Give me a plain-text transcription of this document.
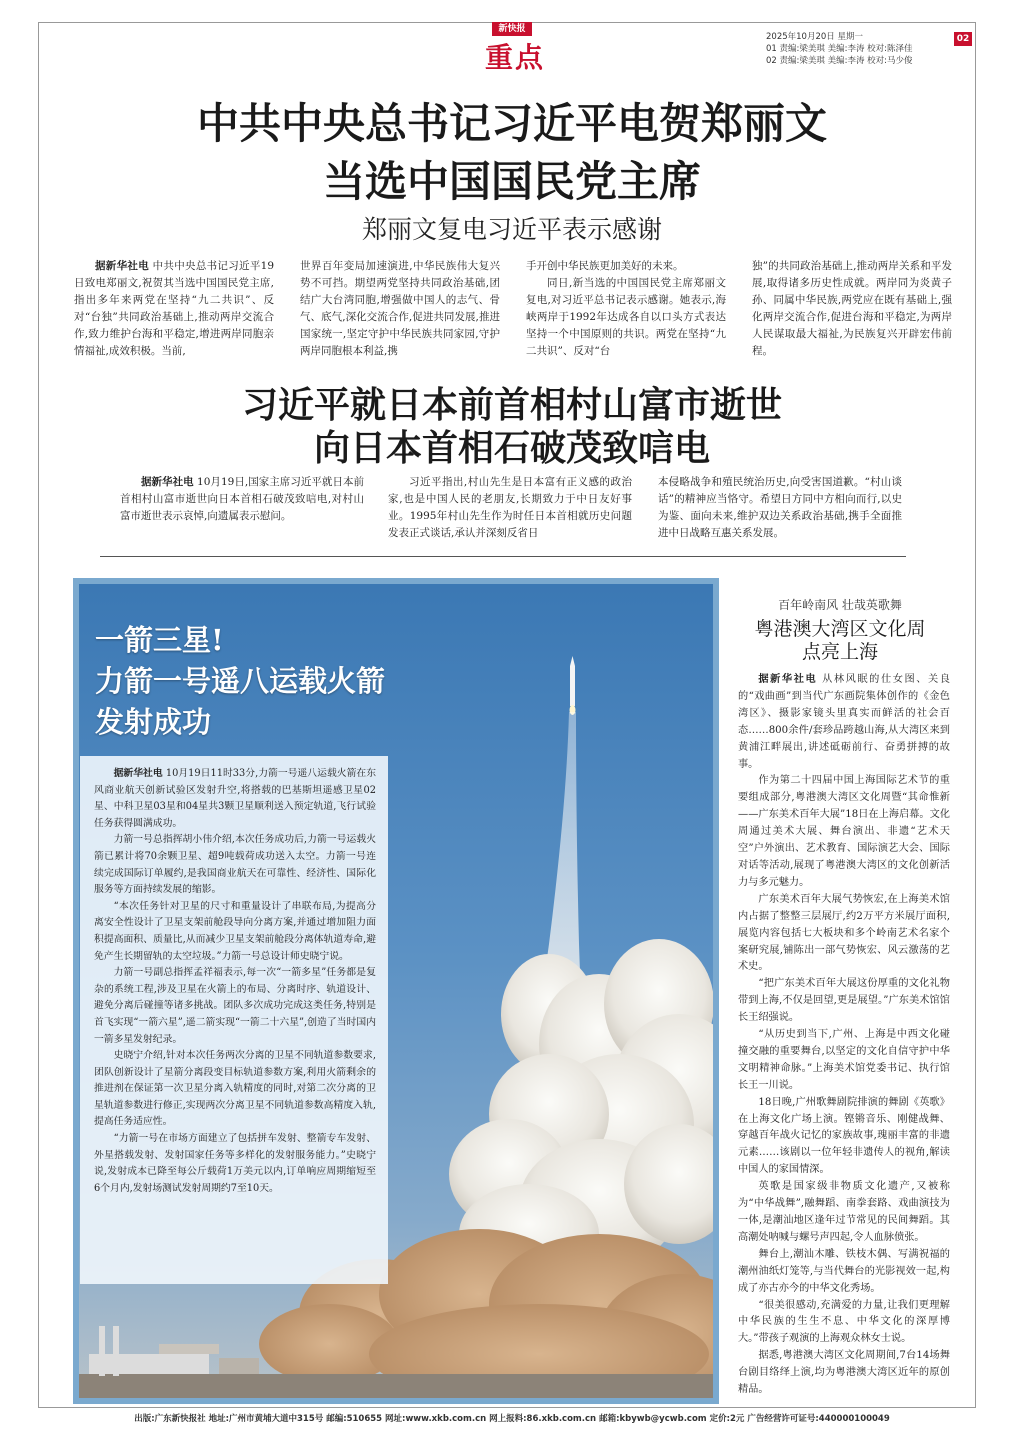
新快报
重点
2025年10月20日 星期一
01 责编:梁美琪 美编:李涛 校对:陈泽佳
02 责编:梁美琪 美编:李涛 校对:马少俊
02
中共中央总书记习近平电贺郑丽文
当选中国国民党主席
郑丽文复电习近平表示感谢

据新华社电 中共中央总书记习近平19日致电郑丽文,祝贺其当选中国国民党主席,指出多年来两党在坚持“九二共识”、反对“台独”共同政治基础上,推动两岸交流合作,致力维护台海和平稳定,增进两岸同胞亲情福祉,成效积极。当前,

世界百年变局加速演进,中华民族伟大复兴势不可挡。期望两党坚持共同政治基础,团结广大台湾同胞,增强做中国人的志气、骨气、底气,深化交流合作,促进共同发展,推进国家统一,坚定守护中华民族共同家园,守护两岸同胞根本利益,携

手开创中华民族更加美好的未来。

同日,新当选的中国国民党主席郑丽文复电,对习近平总书记表示感谢。她表示,海峡两岸于1992年达成各自以口头方式表达坚持一个中国原则的共识。两党在坚持“九二共识”、反对“台

独”的共同政治基础上,推动两岸关系和平发展,取得诸多历史性成就。两岸同为炎黄子孙、同属中华民族,两党应在既有基础上,强化两岸交流合作,促进台海和平稳定,为两岸人民谋取最大福祉,为民族复兴开辟宏伟前程。

习近平就日本前首相村山富市逝世
向日本首相石破茂致唁电

据新华社电 10月19日,国家主席习近平就日本前首相村山富市逝世向日本首相石破茂致唁电,对村山富市逝世表示哀悼,向遗属表示慰问。

习近平指出,村山先生是日本富有正义感的政治家,也是中国人民的老朋友,长期致力于中日友好事业。1995年村山先生作为时任日本首相就历史问题发表正式谈话,承认并深刻反省日

本侵略战争和殖民统治历史,向受害国道歉。“村山谈话”的精神应当恪守。希望日方同中方相向而行,以史为鉴、面向未来,维护双边关系政治基础,携手全面推进中日战略互惠关系发展。

一箭三星!
力箭一号遥八运载火箭
发射成功

据新华社电 10月19日11时33分,力箭一号遥八运载火箭在东风商业航天创新试验区发射升空,将搭载的巴基斯坦遥感卫星02星、中科卫星03星和04星共3颗卫星顺利送入预定轨道,飞行试验任务获得圆满成功。

力箭一号总指挥胡小伟介绍,本次任务成功后,力箭一号运载火箭已累计将70余颗卫星、超9吨载荷成功送入太空。力箭一号连续完成国际订单履约,是我国商业航天在可靠性、经济性、国际化服务等方面持续发展的缩影。

“本次任务针对卫星的尺寸和重量设计了串联布局,为提高分离安全性设计了卫星支架前舱段导向分离方案,并通过增加阻力面积提高面积、质量比,从而减少卫星支架前舱段分离体轨道寿命,避免产生长期留轨的太空垃圾。”力箭一号总设计师史晓宁说。

力箭一号副总指挥孟祥福表示,每一次“一箭多星”任务都是复杂的系统工程,涉及卫星在火箭上的布局、分离时序、轨道设计、避免分离后碰撞等诸多挑战。团队多次成功完成这类任务,特别是首飞实现“一箭六星”,遥二箭实现“一箭二十六星”,创造了当时国内一箭多星发射纪录。

史晓宁介绍,针对本次任务两次分离的卫星不同轨道参数要求,团队创新设计了星箭分离段变目标轨道参数方案,利用火箭剩余的推进剂在保证第一次卫星分离入轨精度的同时,对第二次分离的卫星轨道参数进行修正,实现两次分离卫星不同轨道参数高精度入轨,提高任务适应性。

“力箭一号在市场方面建立了包括拼车发射、整箭专车发射、外星搭载发射、发射国家任务等多样化的发射服务能力。”史晓宁说,发射成本已降至每公斤载荷1万美元以内,订单响应周期缩短至6个月内,发射场测试发射周期约7至10天。

百年岭南风 壮哉英歌舞
粤港澳大湾区文化周
点亮上海

据新华社电 从林风眠的仕女图、关良的“戏曲画”到当代广东画院集体创作的《金色湾区》、摄影家镜头里真实而鲜活的社会百态……800余件/套珍品跨越山海,从大湾区来到黄浦江畔展出,讲述砥砺前行、奋勇拼搏的故事。

作为第二十四届中国上海国际艺术节的重要组成部分,粤港澳大湾区文化周暨“其命惟新——广东美术百年大展”18日在上海启幕。文化周通过美术大展、舞台演出、非遗“艺术天空”户外演出、艺术教育、国际演艺大会、国际对话等活动,展现了粤港澳大湾区的文化创新活力与多元魅力。

广东美术百年大展气势恢宏,在上海美术馆内占据了整整三层展厅,约2万平方米展厅面积,展览内容包括七大板块和多个岭南艺术名家个案研究展,铺陈出一部气势恢宏、风云激荡的艺术史。

“把广东美术百年大展这份厚重的文化礼物带到上海,不仅是回望,更是展望。”广东美术馆馆长王绍强说。

“从历史到当下,广州、上海是中西文化碰撞交融的重要舞台,以坚定的文化自信守护中华文明精神命脉。”上海美术馆党委书记、执行馆长王一川说。

18日晚,广州歌舞剧院排演的舞剧《英歌》在上海文化广场上演。铿锵音乐、刚健战舞、穿越百年战火记忆的家族故事,瑰丽丰富的非遗元素……该剧以一位年轻非遗传人的视角,解读中国人的家国情深。

英歌是国家级非物质文化遗产,又被称为“中华战舞”,融舞蹈、南拳套路、戏曲演技为一体,是潮汕地区逢年过节常见的民间舞蹈。其高潮处呐喊与螺号声四起,令人血脉偾张。

舞台上,潮汕木雕、铁枝木偶、写满祝福的潮州油纸灯笼等,与当代舞台的光影视效一起,构成了亦古亦今的中华文化秀场。

“很美很感动,充满爱的力量,让我们更理解中华民族的生生不息、中华文化的深厚博大。”带孩子观演的上海观众林女士说。

据悉,粤港澳大湾区文化周期间,7台14场舞台剧目络绎上演,均为粤港澳大湾区近年的原创精品。

出版:广东新快报社 地址:广州市黄埔大道中315号 邮编:510655 网址:www.xkb.com.cn 网上报料:86.xkb.com.cn 邮箱:kbywb@ycwb.com 定价:2元 广告经营许可证号:440000100049
